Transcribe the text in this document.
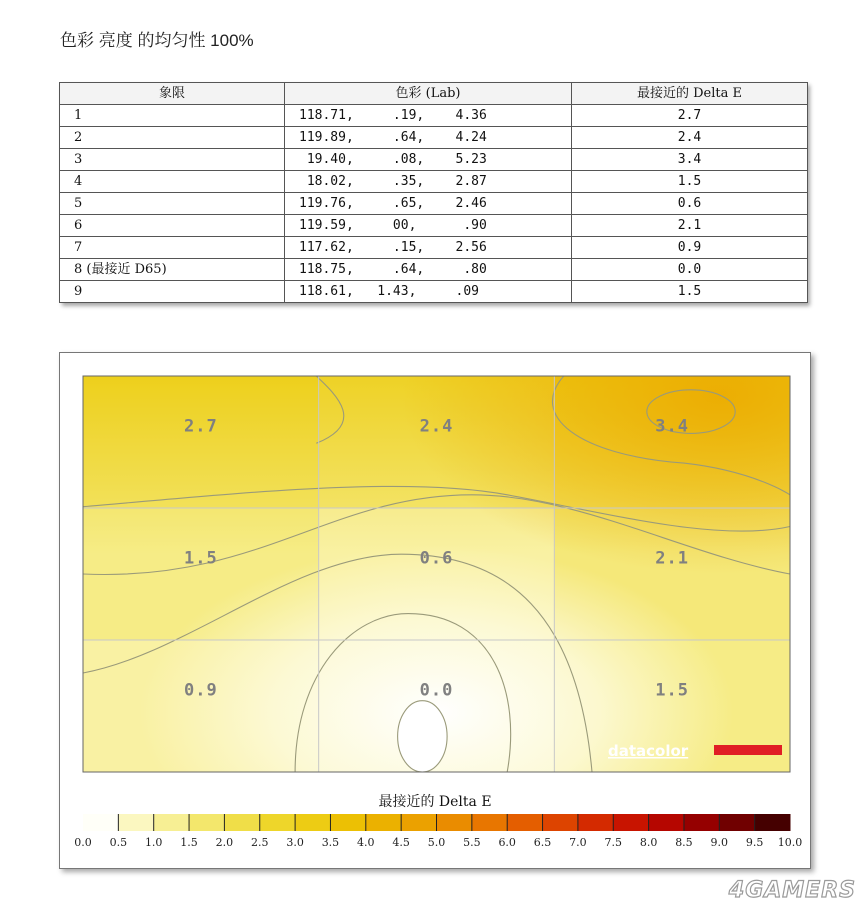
色彩 亮度 的均匀性 100%
象限	色彩 (Lab)	最接近的 Delta E
1	118.71,     .19,    4.36	2.7
2	119.89,     .64,    4.24	2.4
3	19.40,     .08,    5.23	3.4
4	18.02,     .35,    2.87	1.5
5	119.76,     .65,    2.46	0.6
6	119.59,     00,      .90	2.1
7	117.62,     .15,    2.56	0.9
8 (最接近 D65)	118.75,     .64,     .80	0.0
9	118.61,   1.43,     .09	1.5
2.7	2.4	3.4
1.5	0.6	2.1
0.9	0.0	1.5
datacolor
最接近的 Delta E
0.0 0.5 1.0 1.5 2.0 2.5 3.0 3.5 4.0 4.5 5.0 5.5 6.0 6.5 7.0 7.5 8.0 8.5 9.0 9.5 10.0
4GAMERS
